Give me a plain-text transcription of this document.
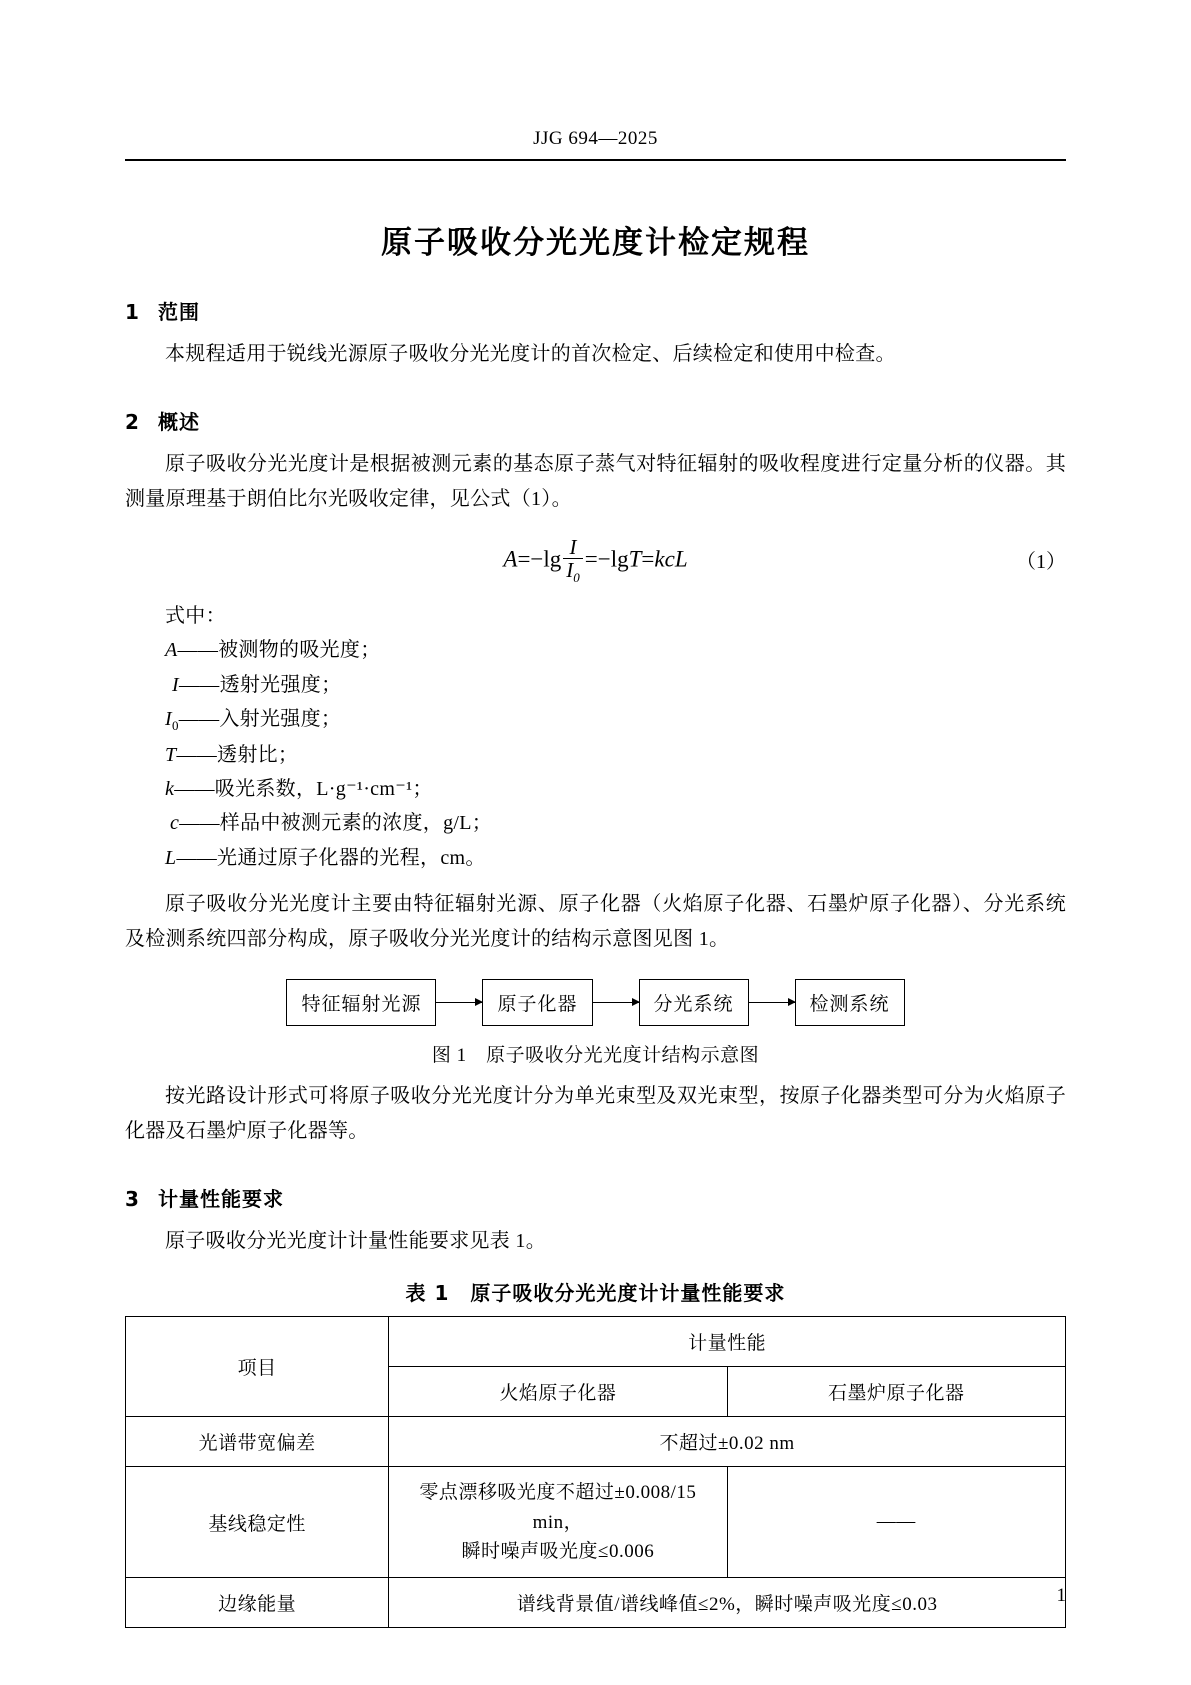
JJG 694—2025
原子吸收分光光度计检定规程
1 范围

本规程适用于锐线光源原子吸收分光光度计的首次检定、后续检定和使用中检查。

2 概述

原子吸收分光光度计是根据被测元素的基态原子蒸气对特征辐射的吸收程度进行定量分析的仪器。其测量原理基于朗伯比尔光吸收定律，见公式（1）。

$A=-\lg \frac{I}{I_0} =-\lg T=kcL$	（1）
式中：
A——被测物的吸光度；
I——透射光强度；
$I_0——$入射光强度；
T——透射比；
k——吸光系数，L·g⁻¹·cm⁻¹；
c——样品中被测元素的浓度，g/L；
L——光通过原子化器的光程，cm。

原子吸收分光光度计主要由特征辐射光源、原子化器（火焰原子化器、石墨炉原子化器）、分光系统及检测系统四部分构成，原子吸收分光光度计的结构示意图见图 1。

特征辐射光源	原子化器	分光系统	检测系统
图 1　原子吸收分光光度计结构示意图

按光路设计形式可将原子吸收分光光度计分为单光束型及双光束型，按原子化器类型可分为火焰原子化器及石墨炉原子化器等。

3 计量性能要求

原子吸收分光光度计计量性能要求见表 1。

表 1　原子吸收分光光度计计量性能要求
项目	计量性能	
	火焰原子化器	石墨炉原子化器
光谱带宽偏差	不超过±0.02 nm	
基线稳定性	零点漂移吸光度不超过±0.008/15 min，
瞬时噪声吸光度≤0.006	——
边缘能量	谱线背景值/谱线峰值≤2%，瞬时噪声吸光度≤0.03		1
